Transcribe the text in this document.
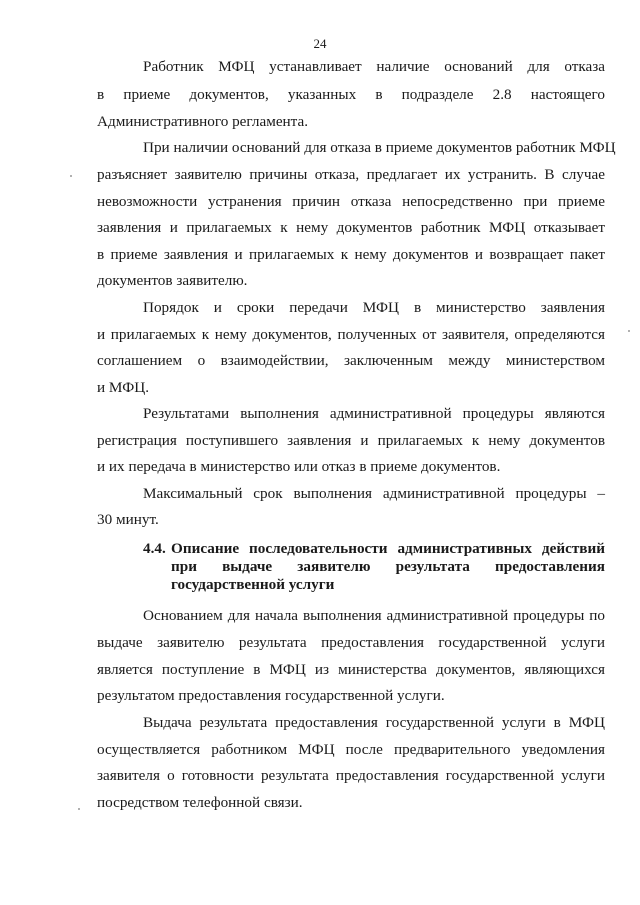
24
Работник МФЦ устанавливает наличие оснований для отказа
в приеме документов, указанных в подразделе 2.8 настоящего
Административного регламента.
При наличии оснований для отказа в приеме документов работник МФЦ
разъясняет заявителю причины отказа, предлагает их устранить. В случае
невозможности устранения причин отказа непосредственно при приеме
заявления и прилагаемых к нему документов работник МФЦ отказывает
в приеме заявления и прилагаемых к нему документов и возвращает пакет
документов заявителю.
Порядок и сроки передачи МФЦ в министерство заявления
и прилагаемых к нему документов, полученных от заявителя, определяются
соглашением о взаимодействии, заключенным между министерством
и МФЦ.
Результатами выполнения административной процедуры являются
регистрация поступившего заявления и прилагаемых к нему документов
и их передача в министерство или отказ в приеме документов.
Максимальный срок выполнения административной процедуры –
30 минут.
4.4. Описание последовательности административных действий
при выдаче заявителю результата предоставления
государственной услуги
Основанием для начала выполнения административной процедуры по
выдаче заявителю результата предоставления государственной услуги
является поступление в МФЦ из министерства документов, являющихся
результатом предоставления государственной услуги.
Выдача результата предоставления государственной услуги в МФЦ
осуществляется работником МФЦ после предварительного уведомления
заявителя о готовности результата предоставления государственной услуги
посредством телефонной связи.
